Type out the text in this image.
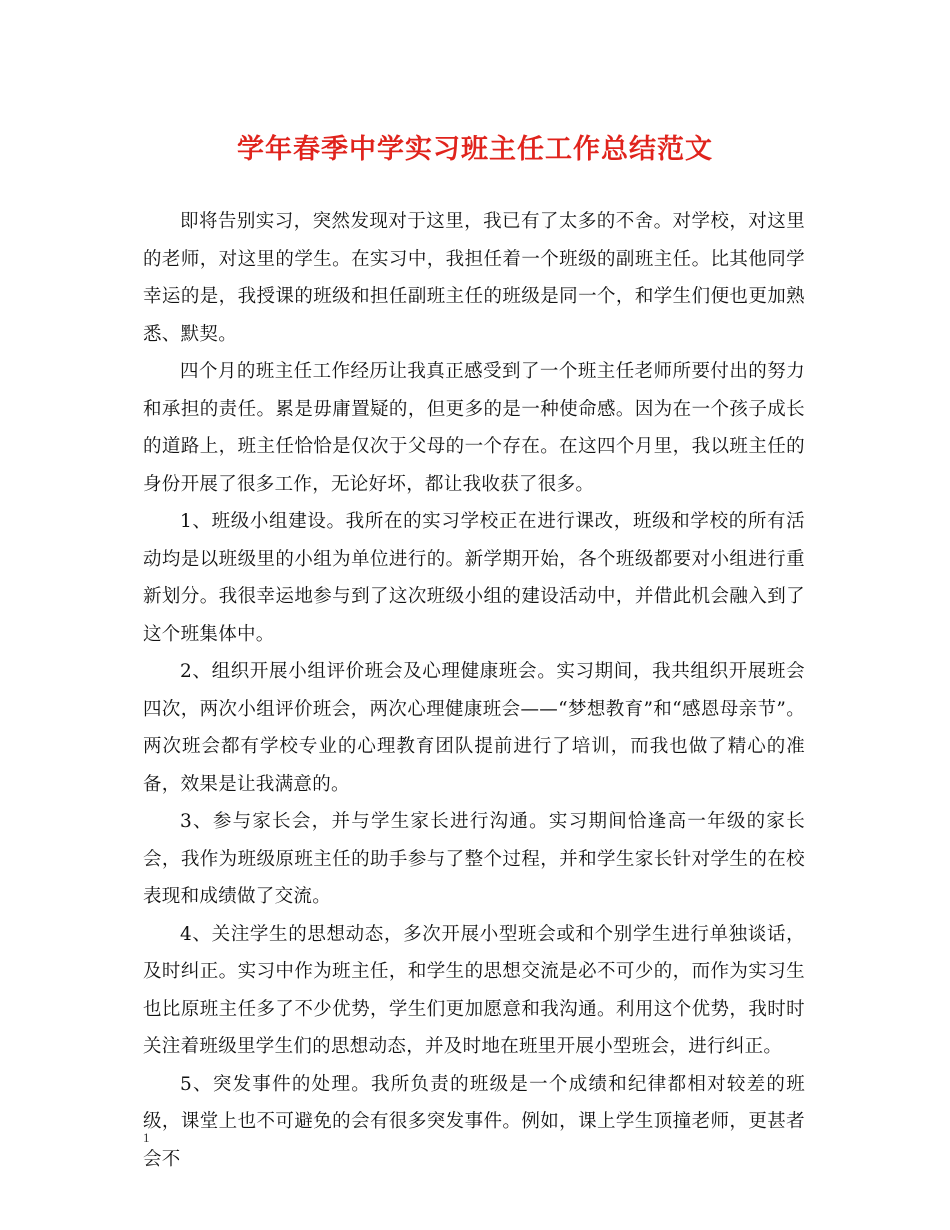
学年春季中学实习班主任工作总结范文

即将告别实习，突然发现对于这里，我已有了太多的不舍。对学校，对这里的老师，对这里的学生。在实习中，我担任着一个班级的副班主任。比其他同学幸运的是，我授课的班级和担任副班主任的班级是同一个，和学生们便也更加熟悉、默契。

四个月的班主任工作经历让我真正感受到了一个班主任老师所要付出的努力和承担的责任。累是毋庸置疑的，但更多的是一种使命感。因为在一个孩子成长的道路上，班主任恰恰是仅次于父母的一个存在。在这四个月里，我以班主任的身份开展了很多工作，无论好坏，都让我收获了很多。

1、班级小组建设。我所在的实习学校正在进行课改，班级和学校的所有活动均是以班级里的小组为单位进行的。新学期开始，各个班级都要对小组进行重新划分。我很幸运地参与到了这次班级小组的建设活动中，并借此机会融入到了这个班集体中。

2、组织开展小组评价班会及心理健康班会。实习期间，我共组织开展班会四次，两次小组评价班会，两次心理健康班会——“梦想教育”和“感恩母亲节”。两次班会都有学校专业的心理教育团队提前进行了培训，而我也做了精心的准备，效果是让我满意的。

3、参与家长会，并与学生家长进行沟通。实习期间恰逢高一年级的家长会，我作为班级原班主任的助手参与了整个过程，并和学生家长针对学生的在校表现和成绩做了交流。

4、关注学生的思想动态，多次开展小型班会或和个别学生进行单独谈话，及时纠正。实习中作为班主任，和学生的思想交流是必不可少的，而作为实习生也比原班主任多了不少优势，学生们更加愿意和我沟通。利用这个优势，我时时关注着班级里学生们的思想动态，并及时地在班里开展小型班会，进行纠正。

5、突发事件的处理。我所负责的班级是一个成绩和纪律都相对较差的班级，课堂上也不可避免的会有很多突发事件。例如，课上学生顶撞老师，更甚者会不

1
